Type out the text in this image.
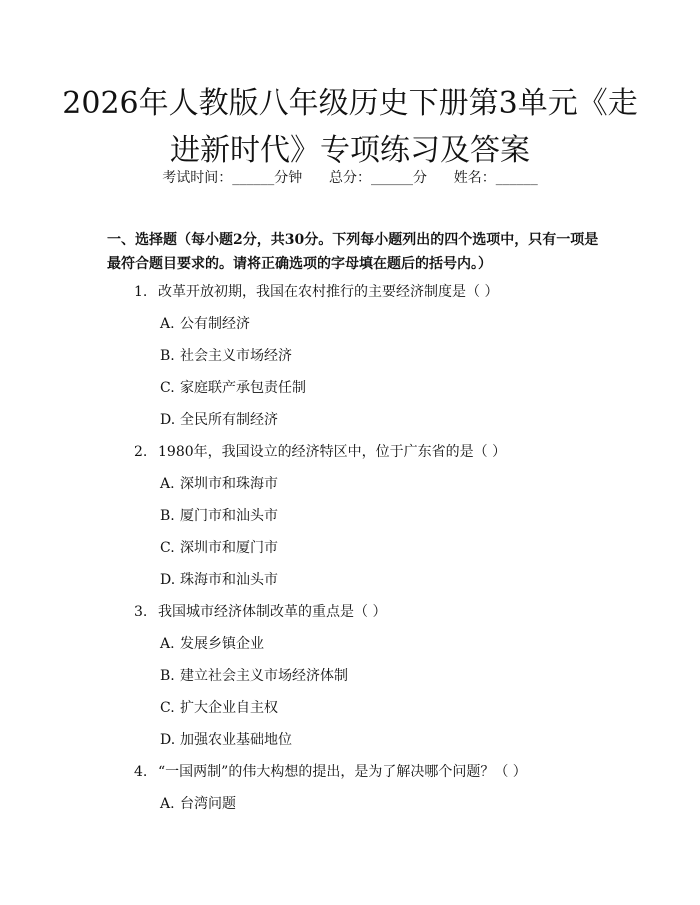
2026年人教版八年级历史下册第3单元《走进新时代》专项练习及答案
考试时间：______分钟      总分：______分      姓名：______
一、选择题（每小题2分，共30分。下列每小题列出的四个选项中，只有一项是最符合题目要求的。请将正确选项的字母填在题后的括号内。）
1. 改革开放初期，我国在农村推行的主要经济制度是（ ）
A. 公有制经济
B. 社会主义市场经济
C. 家庭联产承包责任制
D. 全民所有制经济
2. 1980年，我国设立的经济特区中，位于广东省的是（ ）
A. 深圳市和珠海市
B. 厦门市和汕头市
C. 深圳市和厦门市
D. 珠海市和汕头市
3. 我国城市经济体制改革的重点是（ ）
A. 发展乡镇企业
B. 建立社会主义市场经济体制
C. 扩大企业自主权
D. 加强农业基础地位
4. “一国两制”的伟大构想的提出，是为了解决哪个问题？（ ）
A. 台湾问题
